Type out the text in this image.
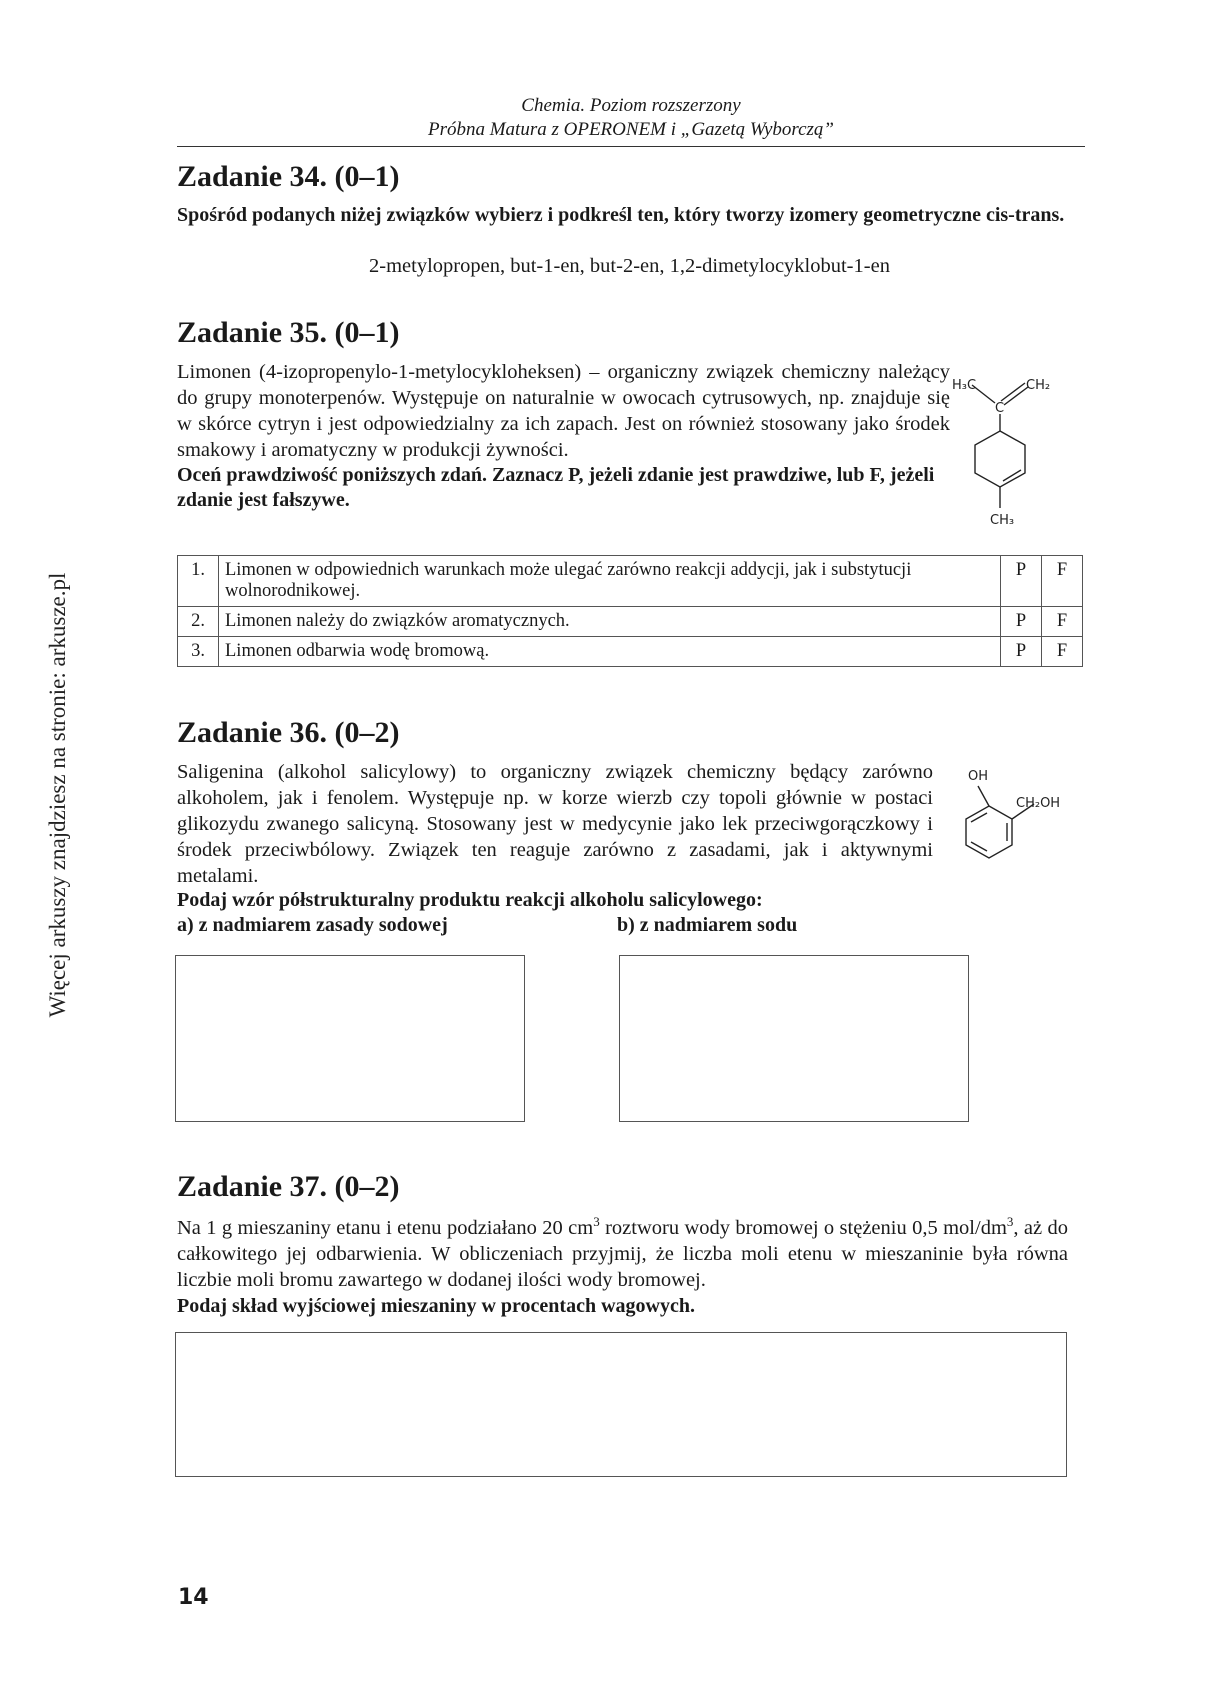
Więcej arkuszy znajdziesz na stronie: arkusze.pl
Chemia. Poziom rozszerzony
Próbna Matura z OPERONEM i „Gazetą Wyborczą”
Zadanie 34. (0–1)

Spośród podanych niżej związków wybierz i podkreśl ten, który tworzy izomery geometryczne cis-trans.

2-metylopropen, but-1-en, but-2-en, 1,2-dimetylocyklobut-1-en
Zadanie 35. (0–1)

Limonen (4-izopropenylo-1-metylocykloheksen) – organiczny związek chemiczny należący do grupy monoterpenów. Występuje on naturalnie w owocach cytrusowych, np. znajduje się w skórce cytryn i jest odpowiedzialny za ich zapach. Jest on również stosowany jako środek smakowy i aromatyczny w produkcji żywności.

Oceń prawdziwość poniższych zdań. Zaznacz P, jeżeli zdanie jest prawdziwe, lub F, jeżeli zdanie jest fałszywe.

H₃C	CH₂
C
CH₃
1.	Limonen w odpowiednich warunkach może ulegać zarówno reakcji addycji, jak i substytucji wolnorodnikowej.	P	F
2.	Limonen należy do związków aromatycznych.	P	F
3.	Limonen odbarwia wodę bromową.	P	F
Zadanie 36. (0–2)

Saligenina (alkohol salicylowy) to organiczny związek chemiczny będący zarówno alkoholem, jak i fenolem. Występuje np. w korze wierzb czy topoli głównie w postaci glikozydu zwanego salicyną. Stosowany jest w medycynie jako lek przeciwgorączkowy i środek przeciwbólowy. Związek ten reaguje zarówno z zasadami, jak i aktywnymi metalami.

Podaj wzór półstrukturalny produktu reakcji alkoholu salicylowego:

a) z nadmiarem zasady sodowej	b) z nadmiarem sodu

OH
CH₂OH
Zadanie 37. (0–2)

Na 1 g mieszaniny etanu i etenu podziałano 20 $cm^3$ roztworu wody bromowej o stężeniu 0,5 mol/$dm^3$, aż do całkowitego jej odbarwienia. W obliczeniach przyjmij, że liczba moli etenu w mieszaninie była równa liczbie moli bromu zawartego w dodanej ilości wody bromowej.

Podaj skład wyjściowej mieszaniny w procentach wagowych.

14
